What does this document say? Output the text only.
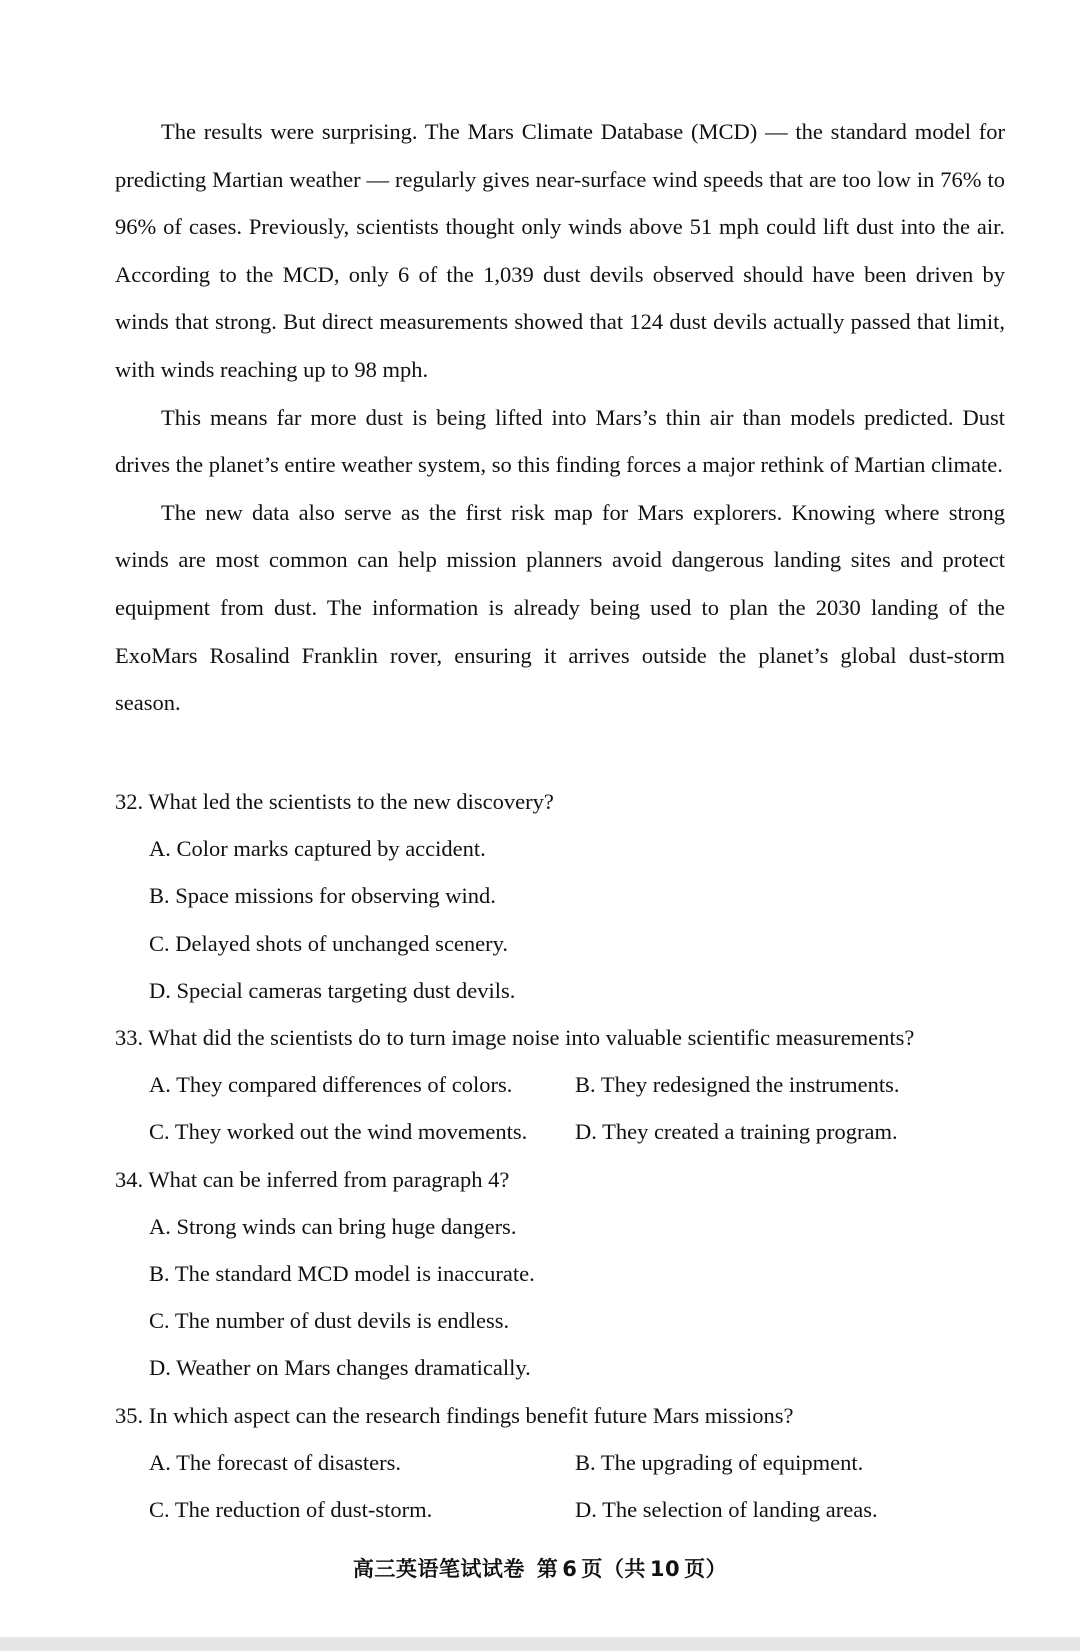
The results were surprising. The Mars Climate Database (MCD) — the standard model for predicting Martian weather — regularly gives near-surface wind speeds that are too low in 76% to 96% of cases. Previously, scientists thought only winds above 51 mph could lift dust into the air. According to the MCD, only 6 of the 1,039 dust devils observed should have been driven by winds that strong. But direct measurements showed that 124 dust devils actually passed that limit, with winds reaching up to 98 mph.

This means far more dust is being lifted into Mars’s thin air than models predicted. Dust drives the planet’s entire weather system, so this finding forces a major rethink of Martian climate.

The new data also serve as the first risk map for Mars explorers. Knowing where strong winds are most common can help mission planners avoid dangerous landing sites and protect equipment from dust. The information is already being used to plan the 2030 landing of the ExoMars Rosalind Franklin rover, ensuring it arrives outside the planet’s global dust-storm season.

32. What led the scientists to the new discovery?

A. Color marks captured by accident.

B. Space missions for observing wind.

C. Delayed shots of unchanged scenery.

D. Special cameras targeting dust devils.

33. What did the scientists do to turn image noise into valuable scientific measurements?

A. They compared differences of colors.	B. They redesigned the instruments.
C. They worked out the wind movements.	D. They created a training program.

34. What can be inferred from paragraph 4?

A. Strong winds can bring huge dangers.

B. The standard MCD model is inaccurate.

C. The number of dust devils is endless.

D. Weather on Mars changes dramatically.

35. In which aspect can the research findings benefit future Mars missions?

A. The forecast of disasters.	B. The upgrading of equipment.
C. The reduction of dust-storm.	D. The selection of landing areas.
高三英语笔试试卷 第 6 页（共 10 页）
